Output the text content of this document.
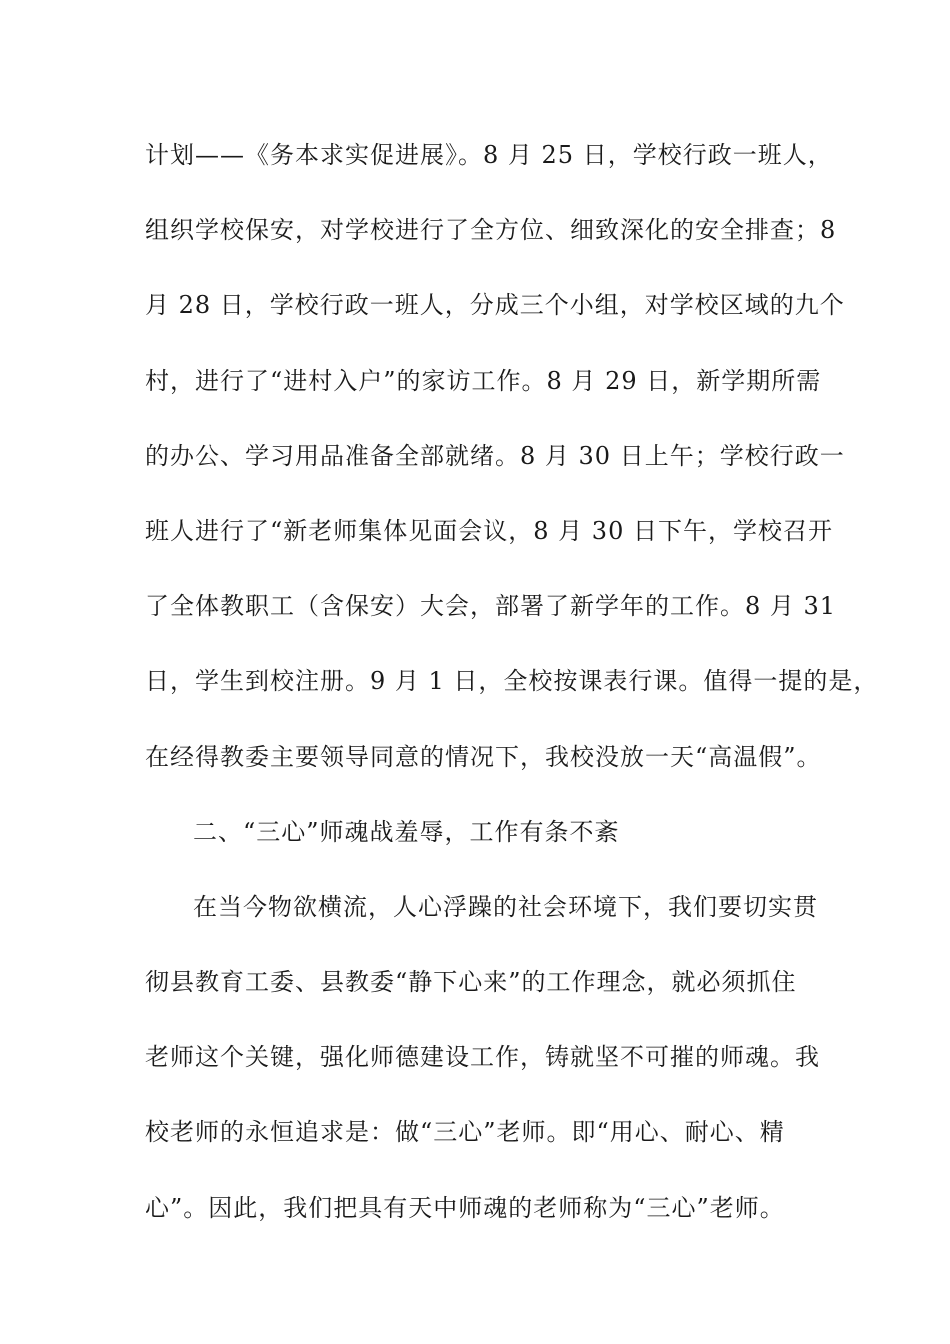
计划——《务本求实促进展》。8 月 25 日，学校行政一班人，
组织学校保安，对学校进行了全方位、细致深化的安全排查；8
月 28 日，学校行政一班人，分成三个小组，对学校区域的九个
村，进行了“进村入户”的家访工作。8 月 29 日，新学期所需
的办公、学习用品准备全部就绪。8 月 30 日上午；学校行政一
班人进行了“新老师集体见面会议，8 月 30 日下午，学校召开
了全体教职工（含保安）大会，部署了新学年的工作。8 月 31
日，学生到校注册。9 月 1 日，全校按课表行课。值得一提的是，
在经得教委主要领导同意的情况下，我校没放一天“高温假”。
二、“三心”师魂战羞辱，工作有条不紊
在当今物欲横流，人心浮躁的社会环境下，我们要切实贯
彻县教育工委、县教委“静下心来”的工作理念，就必须抓住
老师这个关键，强化师德建设工作，铸就坚不可摧的师魂。我
校老师的永恒追求是：做“三心”老师。即“用心、耐心、精
心”。因此，我们把具有天中师魂的老师称为“三心”老师。
